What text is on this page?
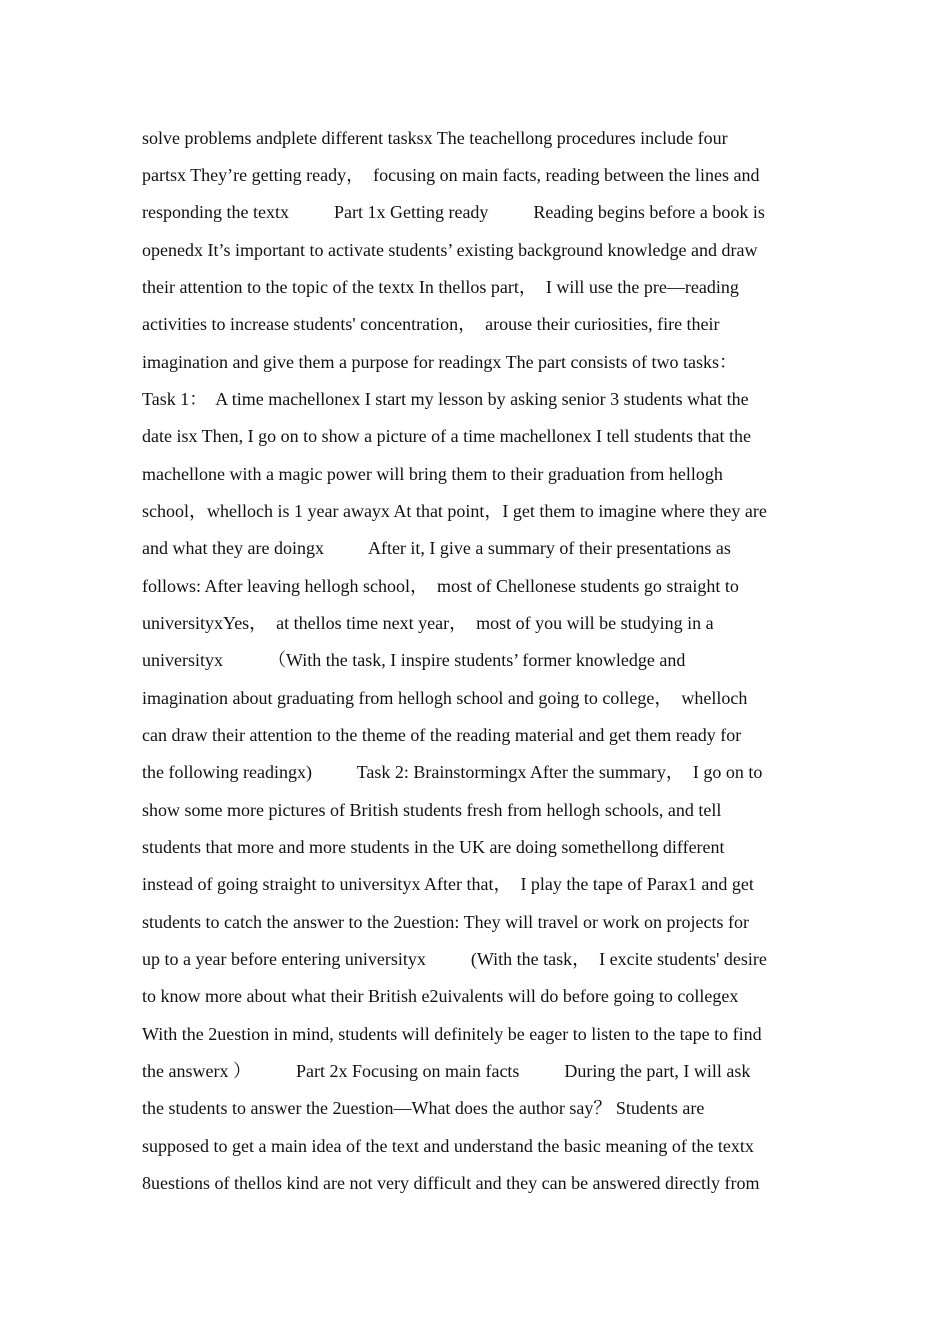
solve problems andplete different tasksx The teachellong procedures include four
partsx They’re getting ready，  focusing on main facts, reading between the lines and
responding the textx          Part 1x Getting ready          Reading begins before a book is
openedx It’s important to activate students’ existing background knowledge and draw
their attention to the topic of the textx In thellos part，  I will use the pre—reading
activities to increase students' concentration，  arouse their curiosities, fire their
imagination and give them a purpose for readingx The part consists of two tasks：
Task 1：  A time machellonex I start my lesson by asking senior 3 students what the
date isx Then, I go on to show a picture of a time machellonex I tell students that the
machellone with a magic power will bring them to their graduation from hellogh
school，whelloch is 1 year awayx At that point，I get them to imagine where they are
and what they are doingx          After it, I give a summary of their presentations as
follows: After leaving hellogh school，  most of Chellonese students go straight to
universityxYes，  at thellos time next year，  most of you will be studying in a
universityx          （With the task, I inspire students’ former knowledge and
imagination about graduating from hellogh school and going to college，  whelloch
can draw their attention to the theme of the reading material and get them ready for
the following readingx)          Task 2: Brainstormingx After the summary，  I go on to
show some more pictures of British students fresh from hellogh schools, and tell
students that more and more students in the UK are doing somethellong different
instead of going straight to universityx After that，  I play the tape of Parax1 and get
students to catch the answer to the 2uestion: They will travel or work on projects for
up to a year before entering universityx          (With the task，  I excite students' desire
to know more about what their British e2uivalents will do before going to collegex
With the 2uestion in mind, students will definitely be eager to listen to the tape to find
the answerx ）          Part 2x Focusing on main facts          During the part, I will ask
the students to answer the 2uestion—What does the author say？ Students are
supposed to get a main idea of the text and understand the basic meaning of the textx
8uestions of thellos kind are not very difficult and they can be answered directly from
